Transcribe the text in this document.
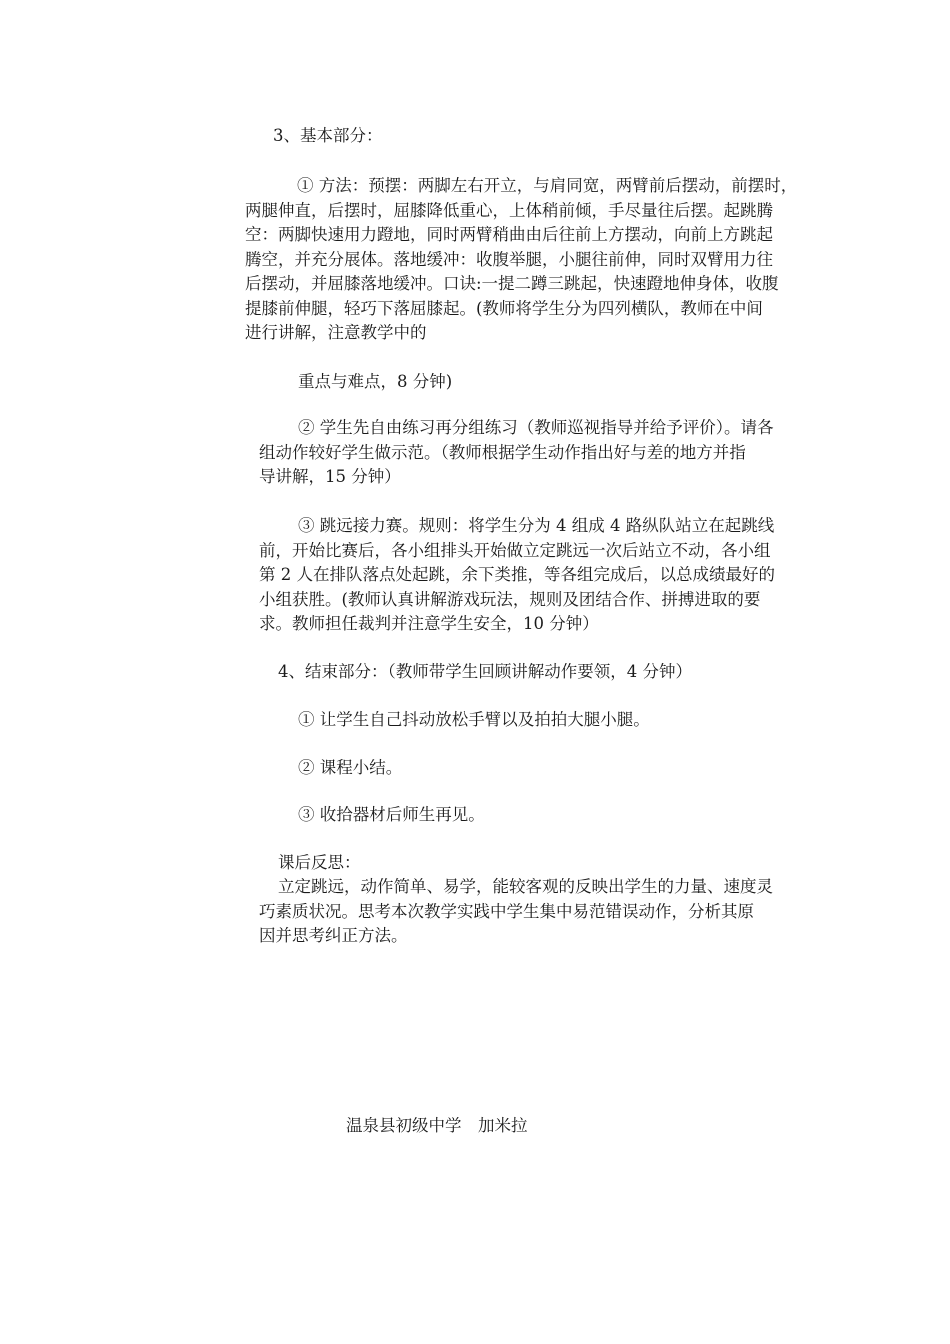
3、基本部分：
① 方法：预摆：两脚左右开立，与肩同宽，两臂前后摆动，前摆时，
两腿伸直，后摆时，屈膝降低重心，上体稍前倾，手尽量往后摆。起跳腾
空：两脚快速用力蹬地，同时两臂稍曲由后往前上方摆动，向前上方跳起
腾空，并充分展体。落地缓冲：收腹举腿，小腿往前伸，同时双臂用力往
后摆动，并屈膝落地缓冲。口诀:一提二蹲三跳起，快速蹬地伸身体，收腹
提膝前伸腿，轻巧下落屈膝起。(教师将学生分为四列横队，教师在中间
进行讲解，注意教学中的
重点与难点，8 分钟)
② 学生先自由练习再分组练习（教师巡视指导并给予评价）。请各
组动作较好学生做示范。（教师根据学生动作指出好与差的地方并指
导讲解，15 分钟）
③ 跳远接力赛。规则：将学生分为 4 组成 4 路纵队站立在起跳线
前，开始比赛后，各小组排头开始做立定跳远一次后站立不动，各小组
第 2 人在排队落点处起跳，余下类推，等各组完成后，以总成绩最好的
小组获胜。(教师认真讲解游戏玩法，规则及团结合作、拼搏进取的要
求。教师担任裁判并注意学生安全，10 分钟）
4、结束部分：（教师带学生回顾讲解动作要领，4 分钟）
① 让学生自己抖动放松手臂以及拍拍大腿小腿。
② 课程小结。
③ 收拾器材后师生再见。
课后反思：
立定跳远，动作简单、易学，能较客观的反映出学生的力量、速度灵
巧素质状况。思考本次教学实践中学生集中易范错误动作，分析其原
因并思考纠正方法。
温泉县初级中学　加米拉
